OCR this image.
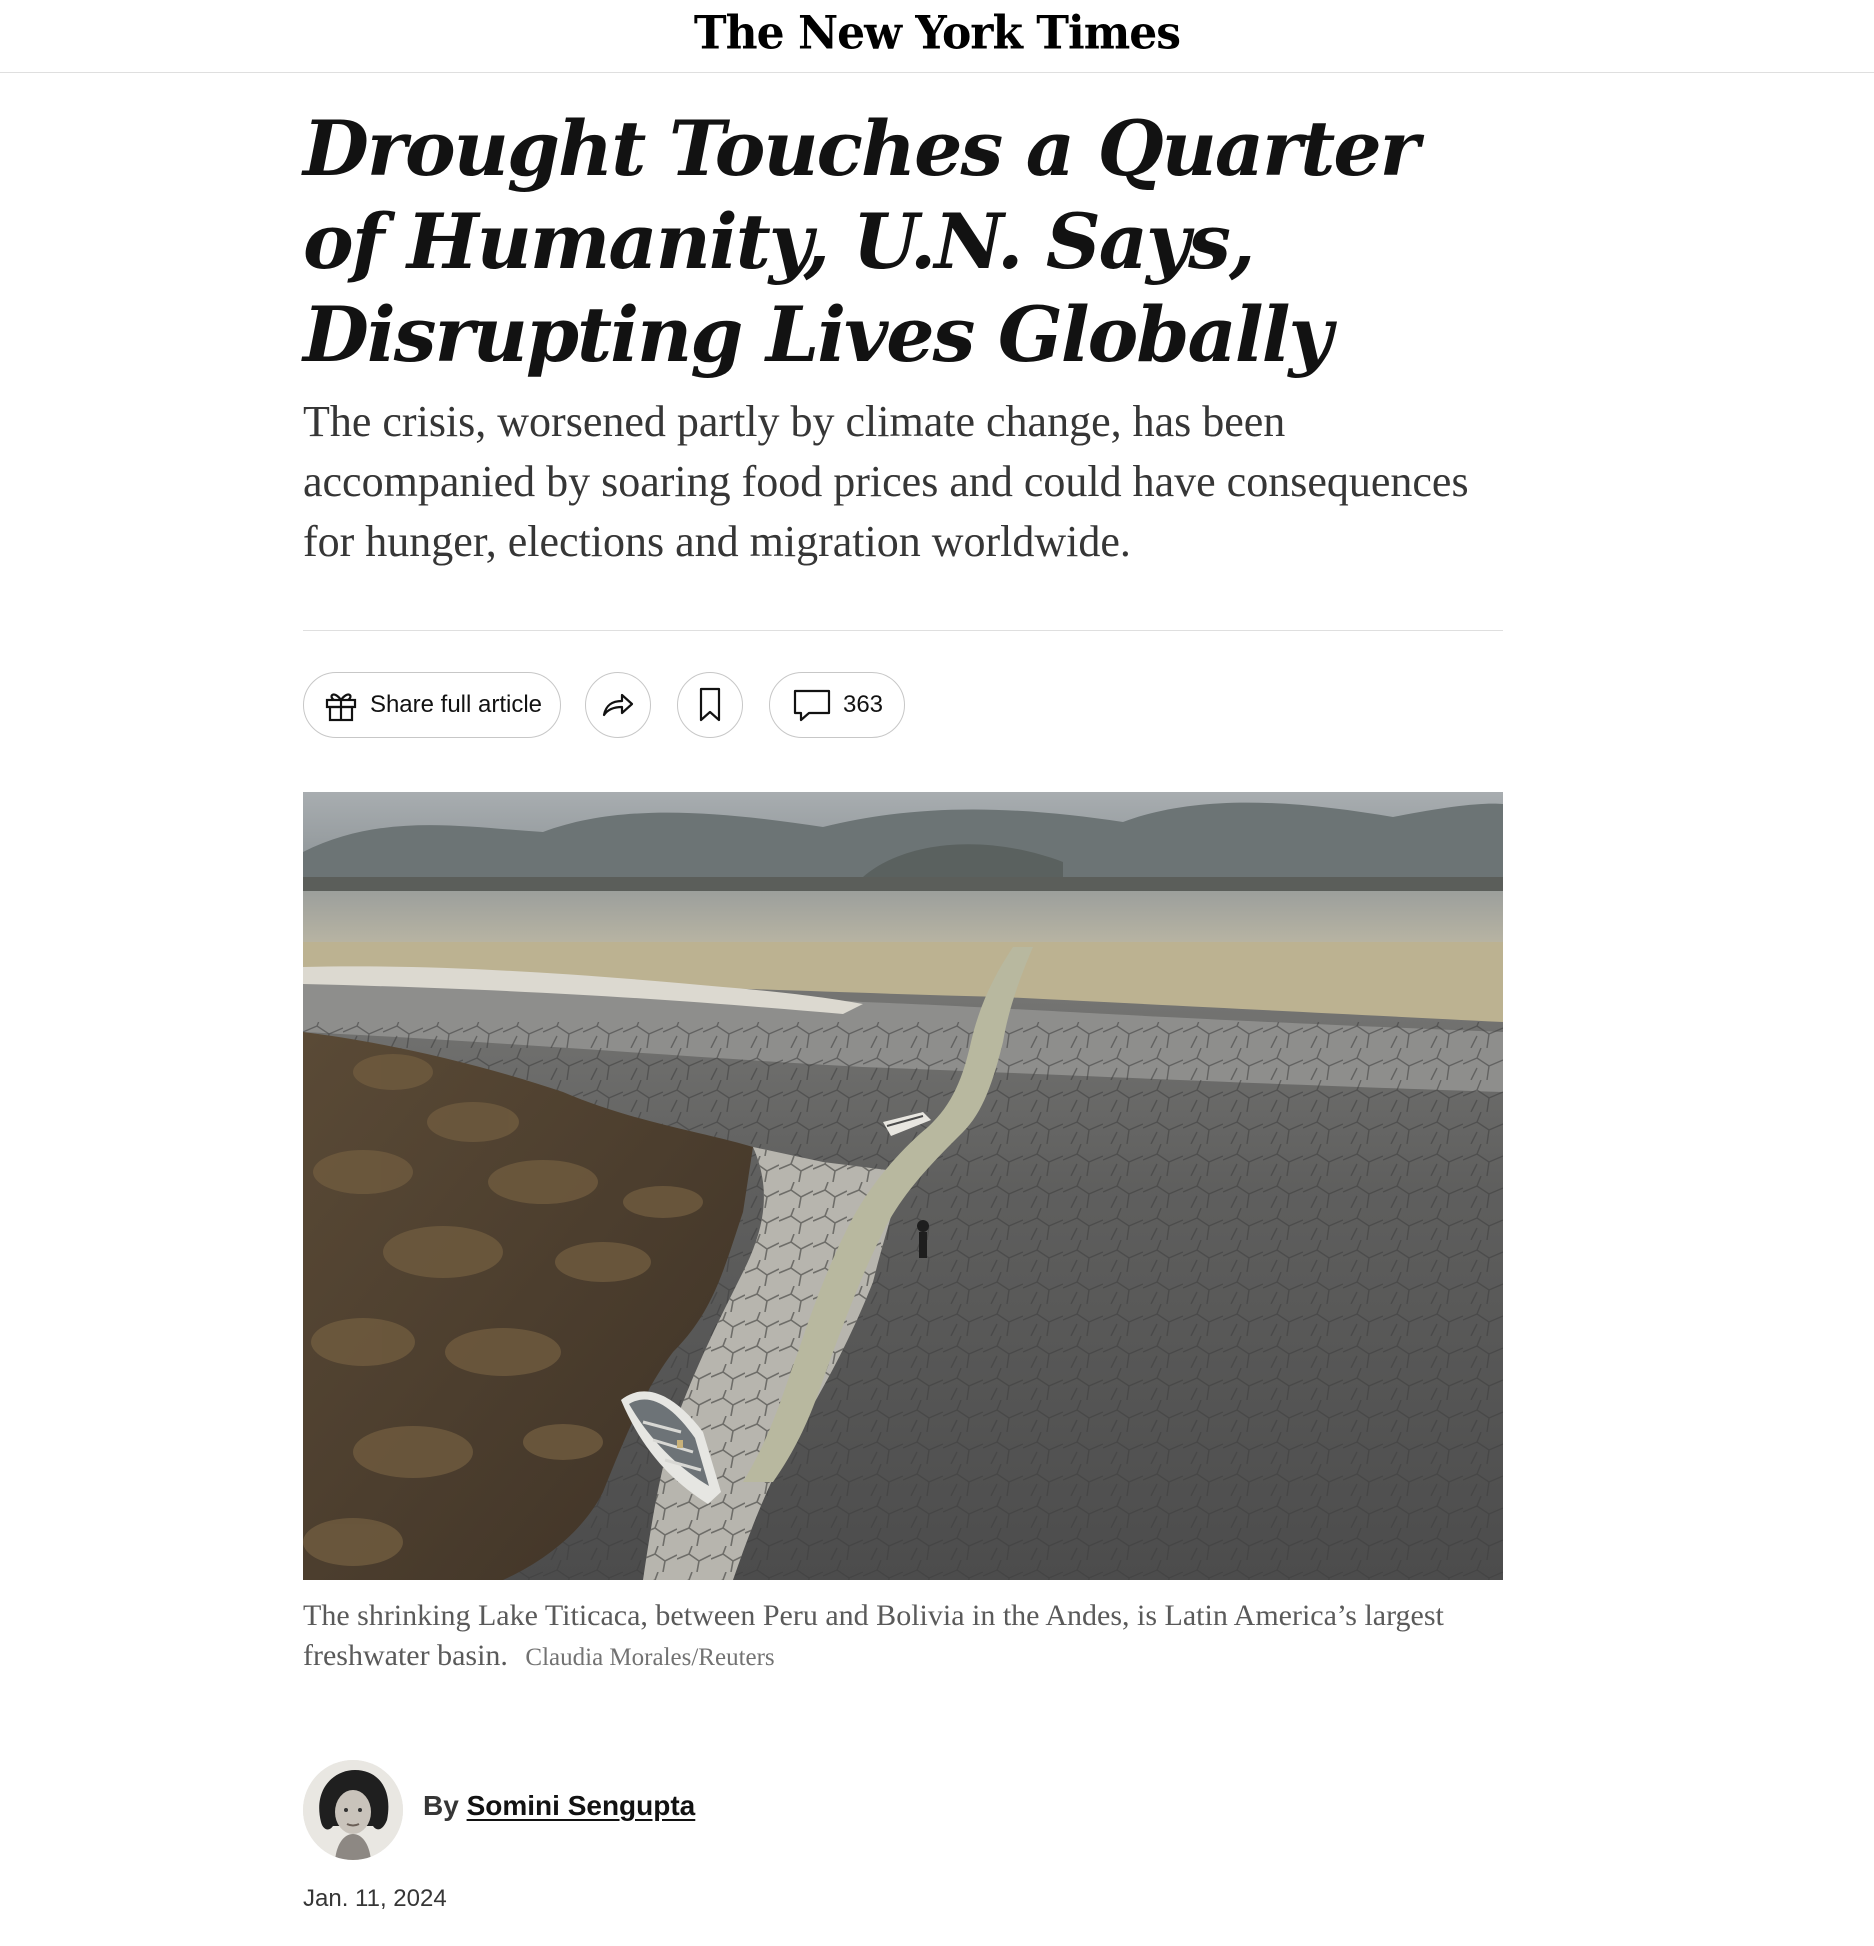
The New York Times
Drought Touches a Quarter of Humanity, U.N. Says, Disrupting Lives Globally

The crisis, worsened partly by climate change, has been accompanied by soaring food prices and could have consequences for hunger, elections and migration worldwide.

Share full article	363

The shrinking Lake Titicaca, between Peru and Bolivia in the Andes, is Latin America’s largest freshwater basin. Claudia Morales/Reuters

By Somini Sengupta
Jan. 11, 2024
